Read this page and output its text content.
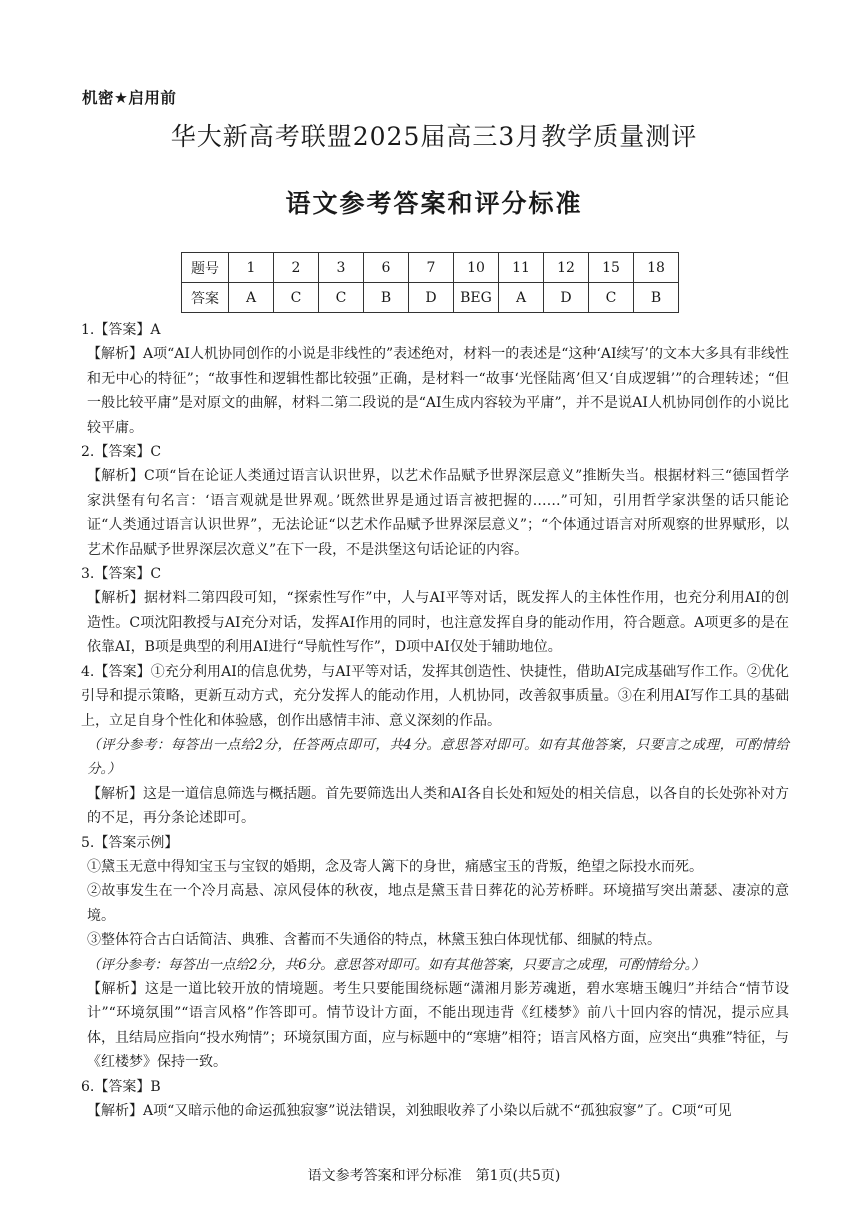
机密★启用前
华大新高考联盟2025届高三3月教学质量测评
语文参考答案和评分标准
题号	1	2	3	6	7	10	11	12	15	18
答案	A	C	C	B	D	BEG	A	D	C	B

1.【答案】A

【解析】A项“AI人机协同创作的小说是非线性的”表述绝对，材料一的表述是“这种‘AI续写’的文本大多具有非线性和无中心的特征”；“故事性和逻辑性都比较强”正确，是材料一“故事‘光怪陆离’但又‘自成逻辑’”的合理转述；“但一般比较平庸”是对原文的曲解，材料二第二段说的是“AI生成内容较为平庸”，并不是说AI人机协同创作的小说比较平庸。

2.【答案】C

【解析】C项“旨在论证人类通过语言认识世界，以艺术作品赋予世界深层意义”推断失当。根据材料三“德国哲学家洪堡有句名言：‘语言观就是世界观。’既然世界是通过语言被把握的……”可知，引用哲学家洪堡的话只能论证“人类通过语言认识世界”，无法论证“以艺术作品赋予世界深层意义”；“个体通过语言对所观察的世界赋形，以艺术作品赋予世界深层次意义”在下一段，不是洪堡这句话论证的内容。

3.【答案】C

【解析】据材料二第四段可知，“探索性写作”中，人与AI平等对话，既发挥人的主体性作用，也充分利用AI的创造性。C项沈阳教授与AI充分对话，发挥AI作用的同时，也注意发挥自身的能动作用，符合题意。A项更多的是在依靠AI，B项是典型的利用AI进行“导航性写作”，D项中AI仅处于辅助地位。

4.【答案】①充分利用AI的信息优势，与AI平等对话，发挥其创造性、快捷性，借助AI完成基础写作工作。②优化引导和提示策略，更新互动方式，充分发挥人的能动作用，人机协同，改善叙事质量。③在利用AI写作工具的基础上，立足自身个性化和体验感，创作出感情丰沛、意义深刻的作品。

（评分参考：每答出一点给2分，任答两点即可，共4分。意思答对即可。如有其他答案，只要言之成理，可酌情给分。）

【解析】这是一道信息筛选与概括题。首先要筛选出人类和AI各自长处和短处的相关信息，以各自的长处弥补对方的不足，再分条论述即可。

5.【答案示例】

①黛玉无意中得知宝玉与宝钗的婚期，念及寄人篱下的身世，痛感宝玉的背叛，绝望之际投水而死。

②故事发生在一个冷月高悬、凉风侵体的秋夜，地点是黛玉昔日葬花的沁芳桥畔。环境描写突出萧瑟、凄凉的意境。

③整体符合古白话简洁、典雅、含蓄而不失通俗的特点，林黛玉独白体现忧郁、细腻的特点。

（评分参考：每答出一点给2分，共6分。意思答对即可。如有其他答案，只要言之成理，可酌情给分。）

【解析】这是一道比较开放的情境题。考生只要能围绕标题“潇湘月影芳魂逝，碧水寒塘玉魄归”并结合“情节设计”“环境氛围”“语言风格”作答即可。情节设计方面，不能出现违背《红楼梦》前八十回内容的情况，提示应具体，且结局应指向“投水殉情”；环境氛围方面，应与标题中的“寒塘”相符；语言风格方面，应突出“典雅”特征，与《红楼梦》保持一致。

6.【答案】B

【解析】A项“又暗示他的命运孤独寂寥”说法错误，刘独眼收养了小染以后就不“孤独寂寥”了。C项“可见

语文参考答案和评分标准　第1页(共5页)
